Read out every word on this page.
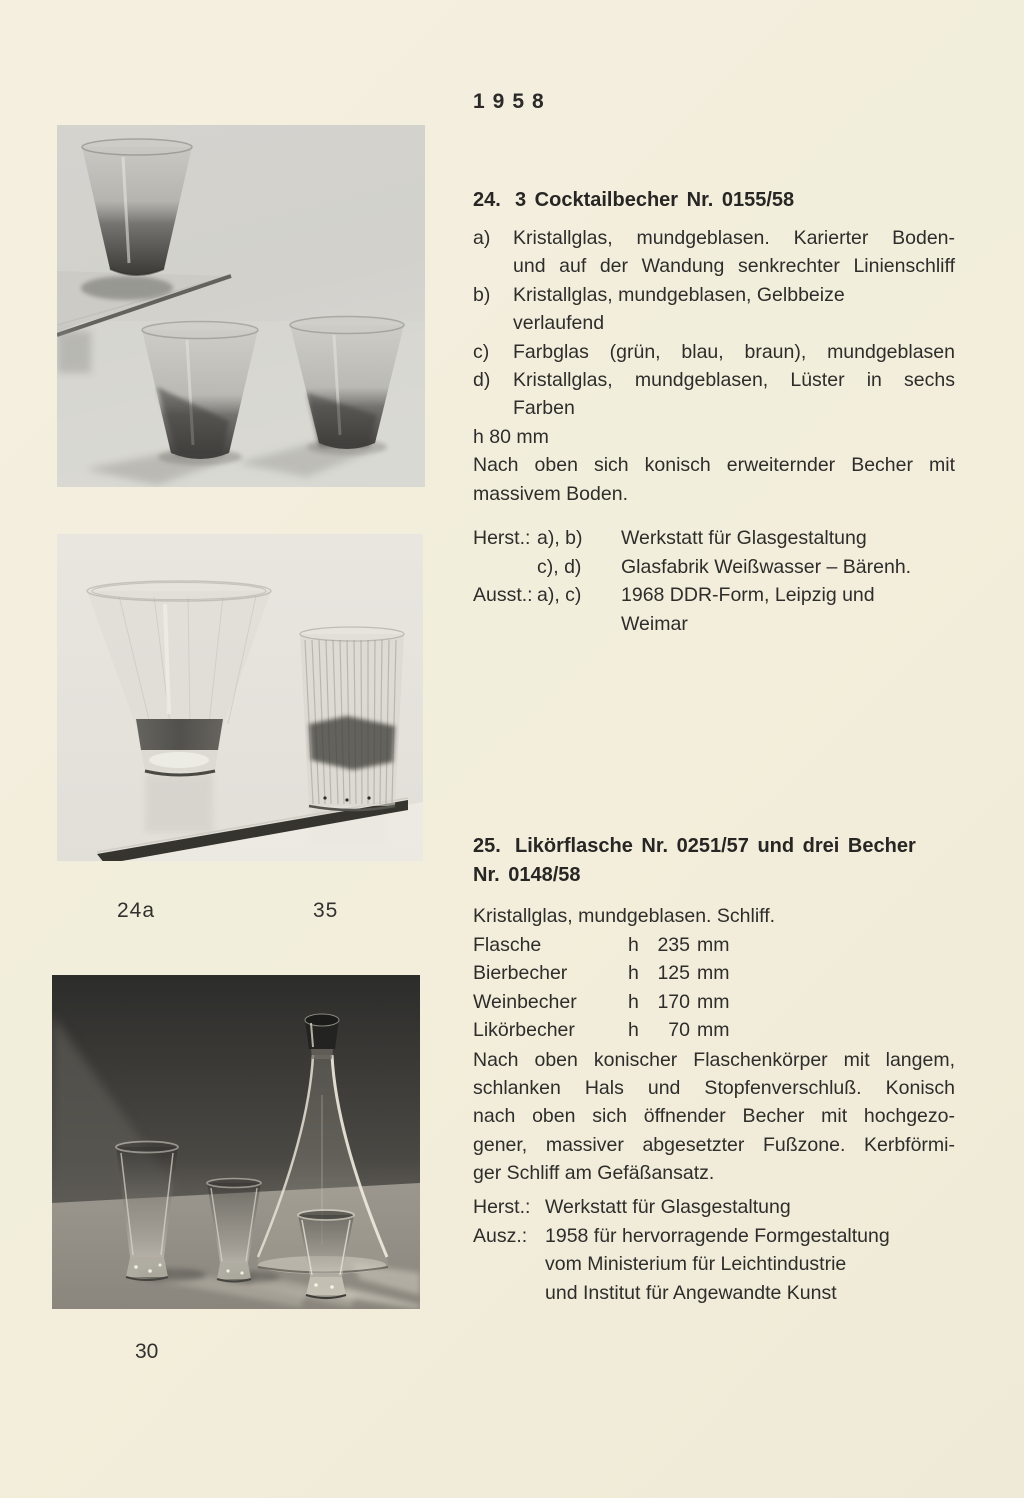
24a	35
30
1958
24. 3 Cocktailbecher Nr. 0155/58
a) Kristallglas, mundgeblasen. Karierter Boden-
und auf der Wandung senkrechter Linienschliff
b) Kristallglas, mundgeblasen, Gelbbeize
verlaufend
c) Farbglas (grün, blau, braun), mundgeblasen
d) Kristallglas, mundgeblasen, Lüster in sechs
Farben
h 80 mm
Nach oben sich konisch erweiternder Becher mit
massivem Boden.
Herst.: a), b) Werkstatt für Glasgestaltung
c), d) Glasfabrik Weißwasser – Bärenh.
Ausst.: a), c) 1968 DDR-Form, Leipzig und
Weimar
25. Likörflasche Nr. 0251/57 und drei Becher
Nr. 0148/58
Kristallglas, mundgeblasen. Schliff.
Flasche	h 235 mm
Bierbecher	h 125 mm
Weinbecher	h 170 mm
Likörbecher	h 70 mm
Nach oben konischer Flaschenkörper mit langem,
schlanken Hals und Stopfenverschluß. Konisch
nach oben sich öffnender Becher mit hochgezo-
gener, massiver abgesetzter Fußzone. Kerbförmi-
ger Schliff am Gefäßansatz.
Herst.: Werkstatt für Glasgestaltung
Ausz.: 1958 für hervorragende Formgestaltung
vom Ministerium für Leichtindustrie
und Institut für Angewandte Kunst
